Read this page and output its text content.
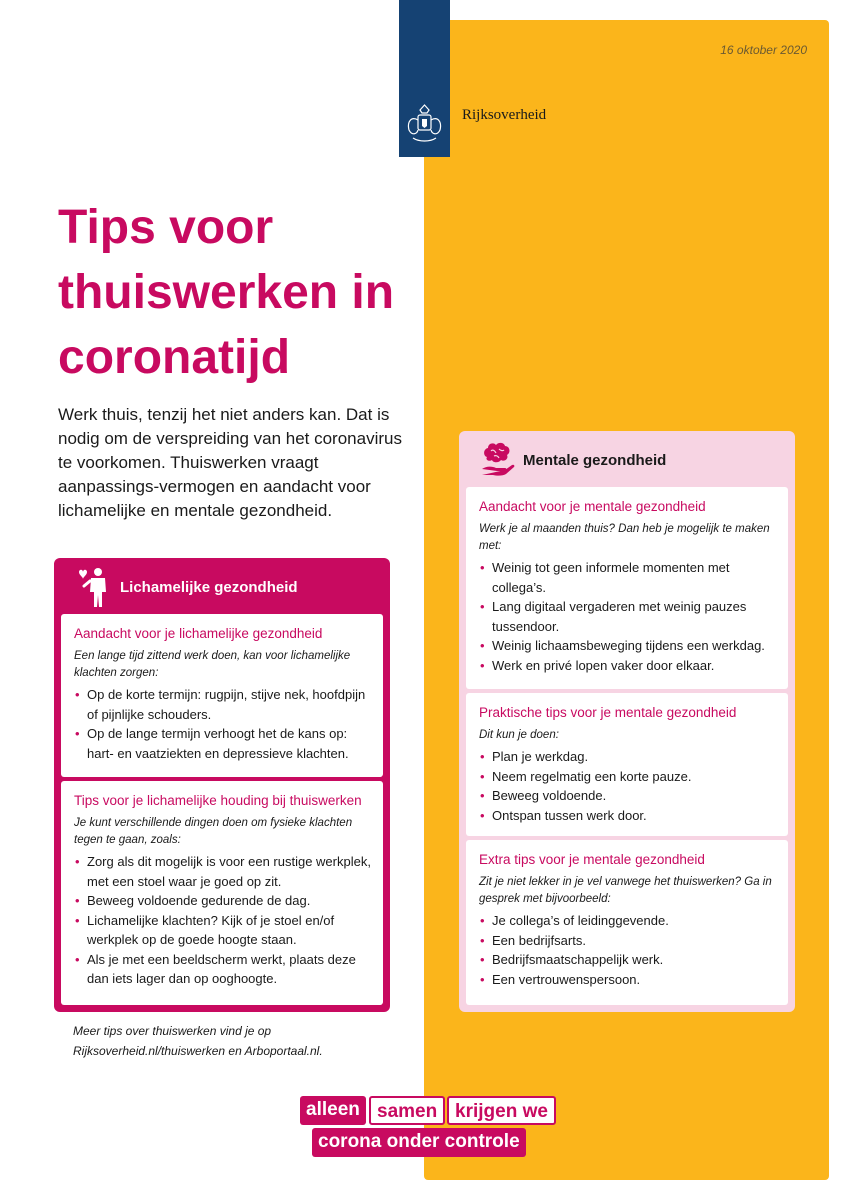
Rijksoverheid
16 oktober 2020
Tips voor
thuiswerken in
coronatijd

Werk thuis, tenzij het niet anders kan. Dat is nodig om de verspreiding van het coronavirus te voorkomen. Thuiswerken vraagt aanpassings-vermogen en aandacht voor lichamelijke en mentale gezondheid.

Lichamelijke gezondheid
Aandacht voor je lichamelijke gezondheid

Een lange tijd zittend werk doen, kan voor lichamelijke klachten zorgen:

• Op de korte termijn: rugpijn, stijve nek, hoofdpijn of pijnlijke schouders.
• Op de lange termijn verhoogt het de kans op: hart- en vaatziekten en depressieve klachten.
Tips voor je lichamelijke houding bij thuiswerken

Je kunt verschillende dingen doen om fysieke klachten tegen te gaan, zoals:

• Zorg als dit mogelijk is voor een rustige werkplek, met een stoel waar je goed op zit.
• Beweeg voldoende gedurende de dag.
• Lichamelijke klachten? Kijk of je stoel en/of werkplek op de goede hoogte staan.
• Als je met een beeldscherm werkt, plaats deze dan iets lager dan op ooghoogte.
Mentale gezondheid
Aandacht voor je mentale gezondheid

Werk je al maanden thuis? Dan heb je mogelijk te maken met:

• Weinig tot geen informele momenten met collega’s.
• Lang digitaal vergaderen met weinig pauzes tussendoor.
• Weinig lichaamsbeweging tijdens een werkdag.
• Werk en privé lopen vaker door elkaar.
Praktische tips voor je mentale gezondheid

Dit kun je doen:

• Plan je werkdag.
• Neem regelmatig een korte pauze.
• Beweeg voldoende.
• Ontspan tussen werk door.
Extra tips voor je mentale gezondheid

Zit je niet lekker in je vel vanwege het thuiswerken? Ga in gesprek met bijvoorbeeld:

• Je collega’s of leidinggevende.
• Een bedrijfsarts.
• Bedrijfsmaatschappelijk werk.
• Een vertrouwenspersoon.
Meer tips over thuiswerken vind je op
Rijksoverheid.nl/thuiswerken en Arboportaal.nl.
alleen samen krijgen we
corona onder controle
